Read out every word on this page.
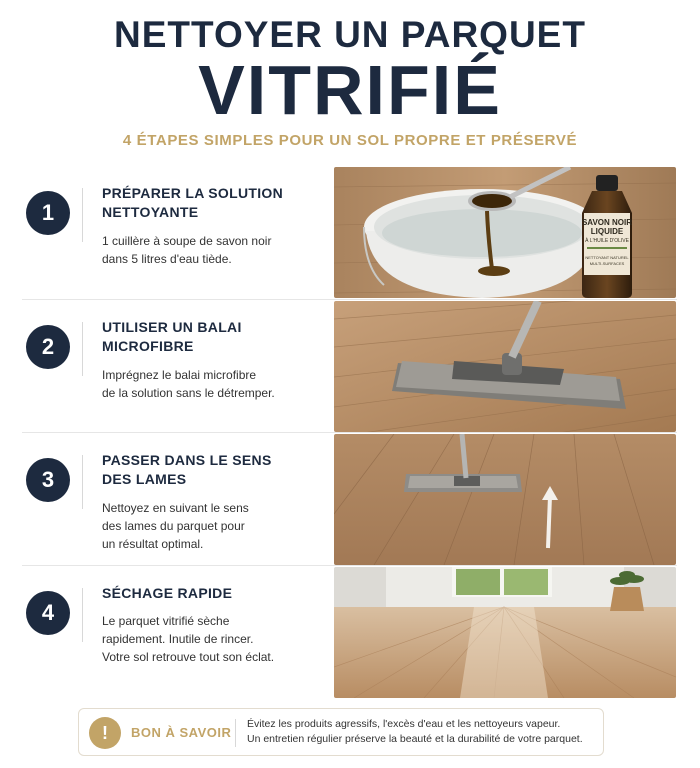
NETTOYER UN PARQUET
VITRIFIÉ
4 ÉTAPES SIMPLES POUR UN SOL PROPRE ET PRÉSERVÉ
1
PRÉPARER LA SOLUTION
NETTOYANTE
1 cuillère à soupe de savon noir
dans 5 litres d'eau tiède.
SAVON NOIR
LIQUIDE
À L'HUILE D'OLIVE
NETTOYANT NATUREL
MULTI-SURFACES
2
UTILISER UN BALAI
MICROFIBRE
Imprégnez le balai microfibre
de la solution sans le détremper.
3
PASSER DANS LE SENS
DES LAMES
Nettoyez en suivant le sens
des lames du parquet pour
un résultat optimal.
4
SÉCHAGE RAPIDE
Le parquet vitrifié sèche
rapidement. Inutile de rincer.
Votre sol retrouve tout son éclat.
!	BON À SAVOIR
Évitez les produits agressifs, l'excès d'eau et les nettoyeurs vapeur.
Un entretien régulier préserve la beauté et la durabilité de votre parquet.
